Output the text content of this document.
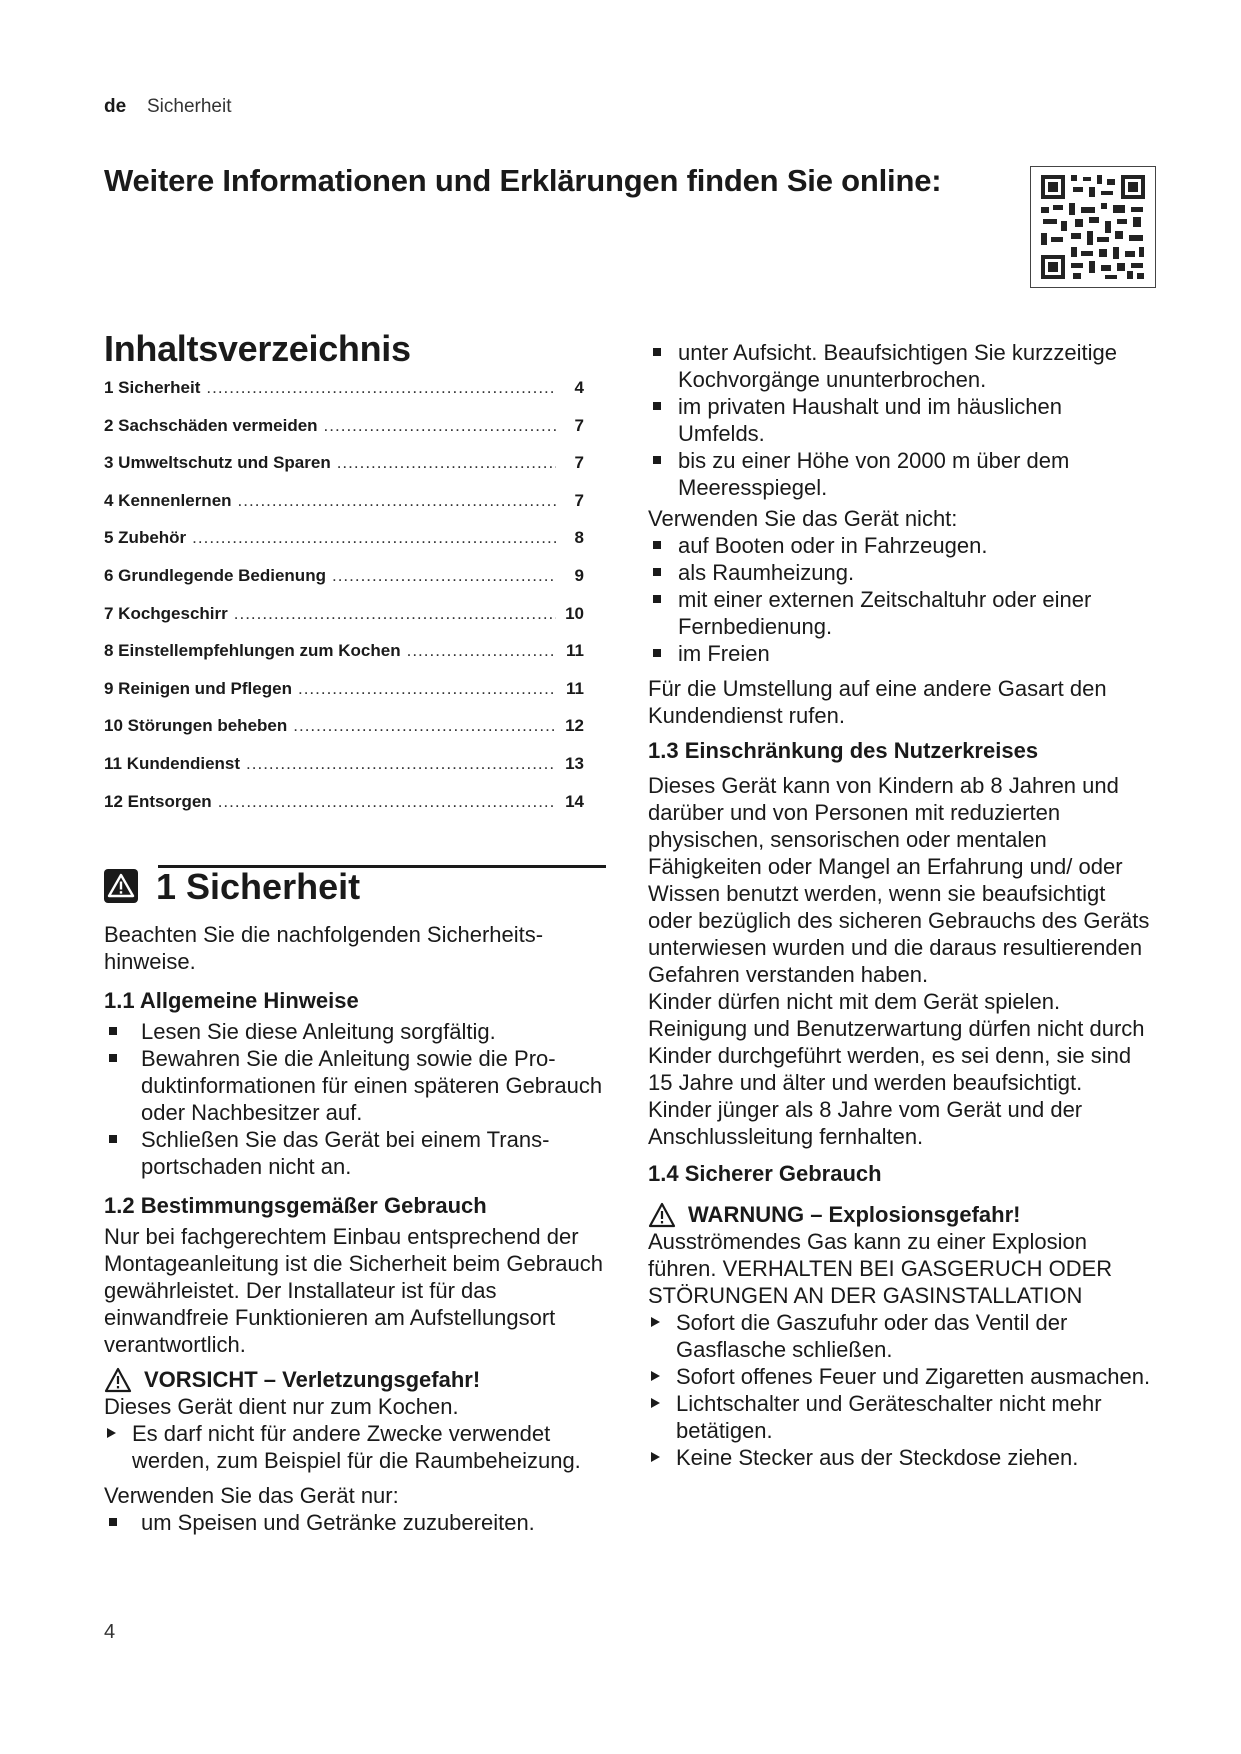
de Sicherheit
Weitere Informationen und Erklärungen finden Sie online:
Inhaltsverzeichnis
1 Sicherheit .....	4
2 Sachschäden vermeiden .....	7
3 Umweltschutz und Sparen .....	7
4 Kennenlernen .....	7
5 Zubehör .....	8
6 Grundlegende Bedienung .....	9
7 Kochgeschirr .....	10
8 Einstellempfehlungen zum Kochen .....	11
9 Reinigen und Pflegen .....	11
10 Störungen beheben .....	12
11 Kundendienst .....	13
12 Entsorgen .....	14
1 Sicherheit

Beachten Sie die nachfolgenden Sicherheitshinweise.

1.1 Allgemeine Hinweise

Lesen Sie diese Anleitung sorgfältig.
Bewahren Sie die Anleitung sowie die Produktinformationen für einen späteren Gebrauch oder Nachbesitzer auf.
Schließen Sie das Gerät bei einem Transportschaden nicht an.

1.2 Bestimmungsgemäßer Gebrauch

Nur bei fachgerechtem Einbau entsprechend der Montageanleitung ist die Sicherheit beim Gebrauch gewährleistet. Der Installateur ist für das einwandfreie Funktionieren am Aufstellungsort verantwortlich.

VORSICHT – Verletzungsgefahr!

Dieses Gerät dient nur zum Kochen.

Es darf nicht für andere Zwecke verwendet werden, zum Beispiel für die Raumbeheizung.

Verwenden Sie das Gerät nur:

um Speisen und Getränke zuzubereiten.
4
unter Aufsicht. Beaufsichtigen Sie kurzzeitige Kochvorgänge ununterbrochen.
im privaten Haushalt und im häuslichen Umfelds.
bis zu einer Höhe von 2000 m über dem Meeresspiegel.

Verwenden Sie das Gerät nicht:

auf Booten oder in Fahrzeugen.
als Raumheizung.
mit einer externen Zeitschaltuhr oder einer Fernbedienung.
im Freien

Für die Umstellung auf eine andere Gasart den Kundendienst rufen.

1.3 Einschränkung des Nutzerkreises

Dieses Gerät kann von Kindern ab 8 Jahren und darüber und von Personen mit reduzierten physischen, sensorischen oder mentalen Fähigkeiten oder Mangel an Erfahrung und/ oder Wissen benutzt werden, wenn sie beaufsichtigt oder bezüglich des sicheren Gebrauchs des Geräts unterwiesen wurden und die daraus resultierenden Gefahren verstanden haben.

Kinder dürfen nicht mit dem Gerät spielen.

Reinigung und Benutzerwartung dürfen nicht durch Kinder durchgeführt werden, es sei denn, sie sind 15 Jahre und älter und werden beaufsichtigt.

Kinder jünger als 8 Jahre vom Gerät und der Anschlussleitung fernhalten.

1.4 Sicherer Gebrauch

WARNUNG – Explosionsgefahr!

Ausströmendes Gas kann zu einer Explosion führen. VERHALTEN BEI GASGERUCH ODER STÖRUNGEN AN DER GASINSTALLATION

Sofort die Gaszufuhr oder das Ventil der Gasflasche schließen.
Sofort offenes Feuer und Zigaretten ausmachen.
Lichtschalter und Geräteschalter nicht mehr betätigen.
Keine Stecker aus der Steckdose ziehen.
